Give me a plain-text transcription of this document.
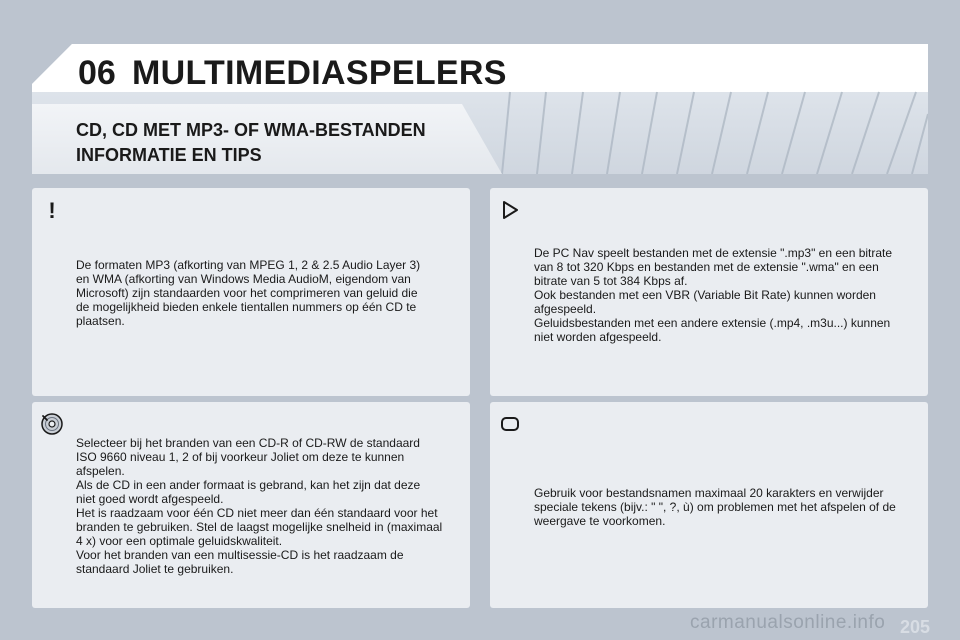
06 MULTIMEDIASPELERS
CD, CD MET MP3- OF WMA-BESTANDEN
INFORMATIE EN TIPS
!

De formaten MP3 (afkorting van MPEG 1, 2 & 2.5 Audio Layer 3)
en WMA (afkorting van Windows Media AudioM, eigendom van
Microsoft) zijn standaarden voor het comprimeren van geluid die
de mogelijkheid bieden enkele tientallen nummers op één CD te
plaatsen.

De PC Nav speelt bestanden met de extensie ".mp3" en een bitrate
van 8 tot 320 Kbps en bestanden met de extensie ".wma" en een
bitrate van 5 tot 384 Kbps af.
Ook bestanden met een VBR (Variable Bit Rate) kunnen worden
afgespeeld.
Geluidsbestanden met een andere extensie (.mp4, .m3u...) kunnen
niet worden afgespeeld.

Selecteer bij het branden van een CD-R of CD-RW de standaard
ISO 9660 niveau 1, 2 of bij voorkeur Joliet om deze te kunnen
afspelen.
Als de CD in een ander formaat is gebrand, kan het zijn dat deze
niet goed wordt afgespeeld.
Het is raadzaam voor één CD niet meer dan één standaard voor het
branden te gebruiken. Stel de laagst mogelijke snelheid in (maximaal
4 x) voor een optimale geluidskwaliteit.
Voor het branden van een multisessie-CD is het raadzaam de
standaard Joliet te gebruiken.

Gebruik voor bestandsnamen maximaal 20 karakters en verwijder
speciale tekens (bijv.: " ", ?, ù) om problemen met het afspelen of de
weergave te voorkomen.

carmanualsonline.info 205
